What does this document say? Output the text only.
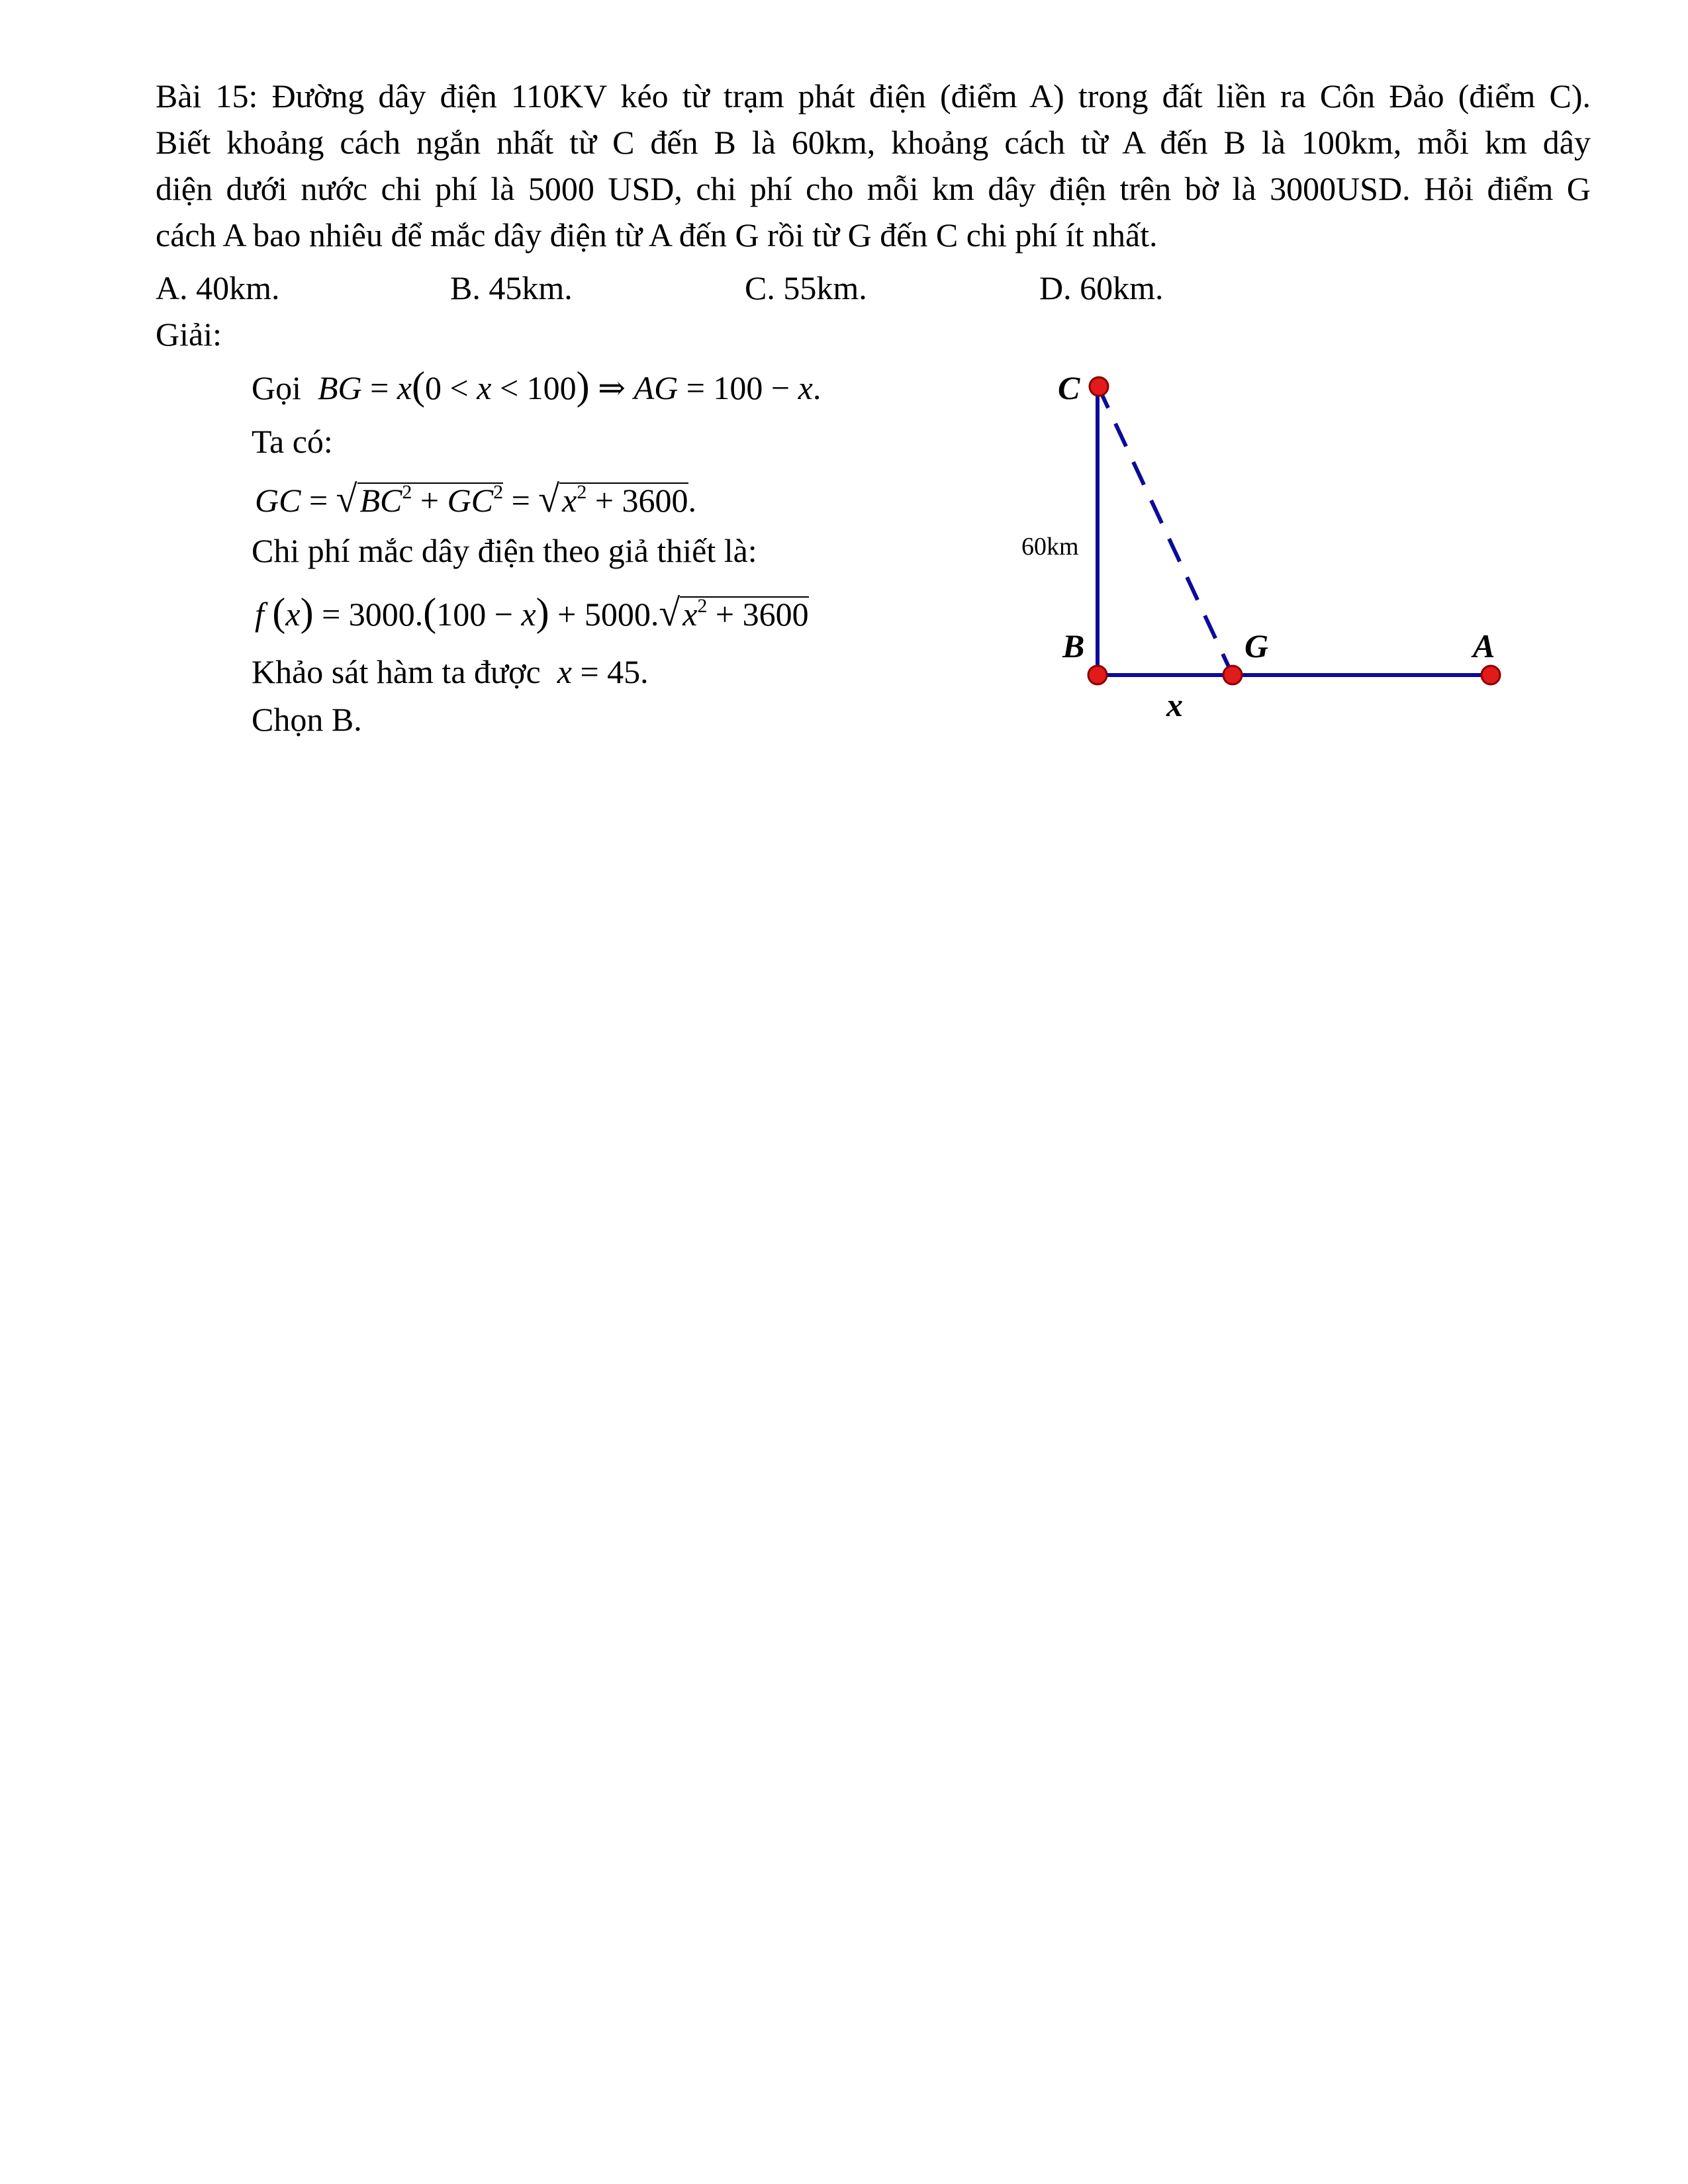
Bài 15: Đường dây điện 110KV kéo từ trạm phát điện (điểm A) trong đất liền ra Côn Đảo (điểm C).
Biết khoảng cách ngắn nhất từ C đến B là 60km, khoảng cách từ A đến B là 100km, mỗi km dây
diện dưới nước chi phí là 5000 USD, chi phí cho mỗi km dây điện trên bờ là 3000USD. Hỏi điểm G
cách A bao nhiêu để mắc dây điện từ A đến G rồi từ G đến C chi phí ít nhất.
A. 40km.	B. 45km.	C. 55km.	D. 60km.
Giải:
Gọi BG = x(0 < x < 100) ⇒ AG = 100 − x.
Ta có:
GC = $√BC^2 + GC^2 = √x^2 + 3600$.
Chi phí mắc dây điện theo giả thiết là:
f $(x) = 3000.(100 - x) + 5000.√x^2 + 3600$
Khảo sát hàm ta được x = 45.
Chọn B.
C
B	G	A
x
60km
